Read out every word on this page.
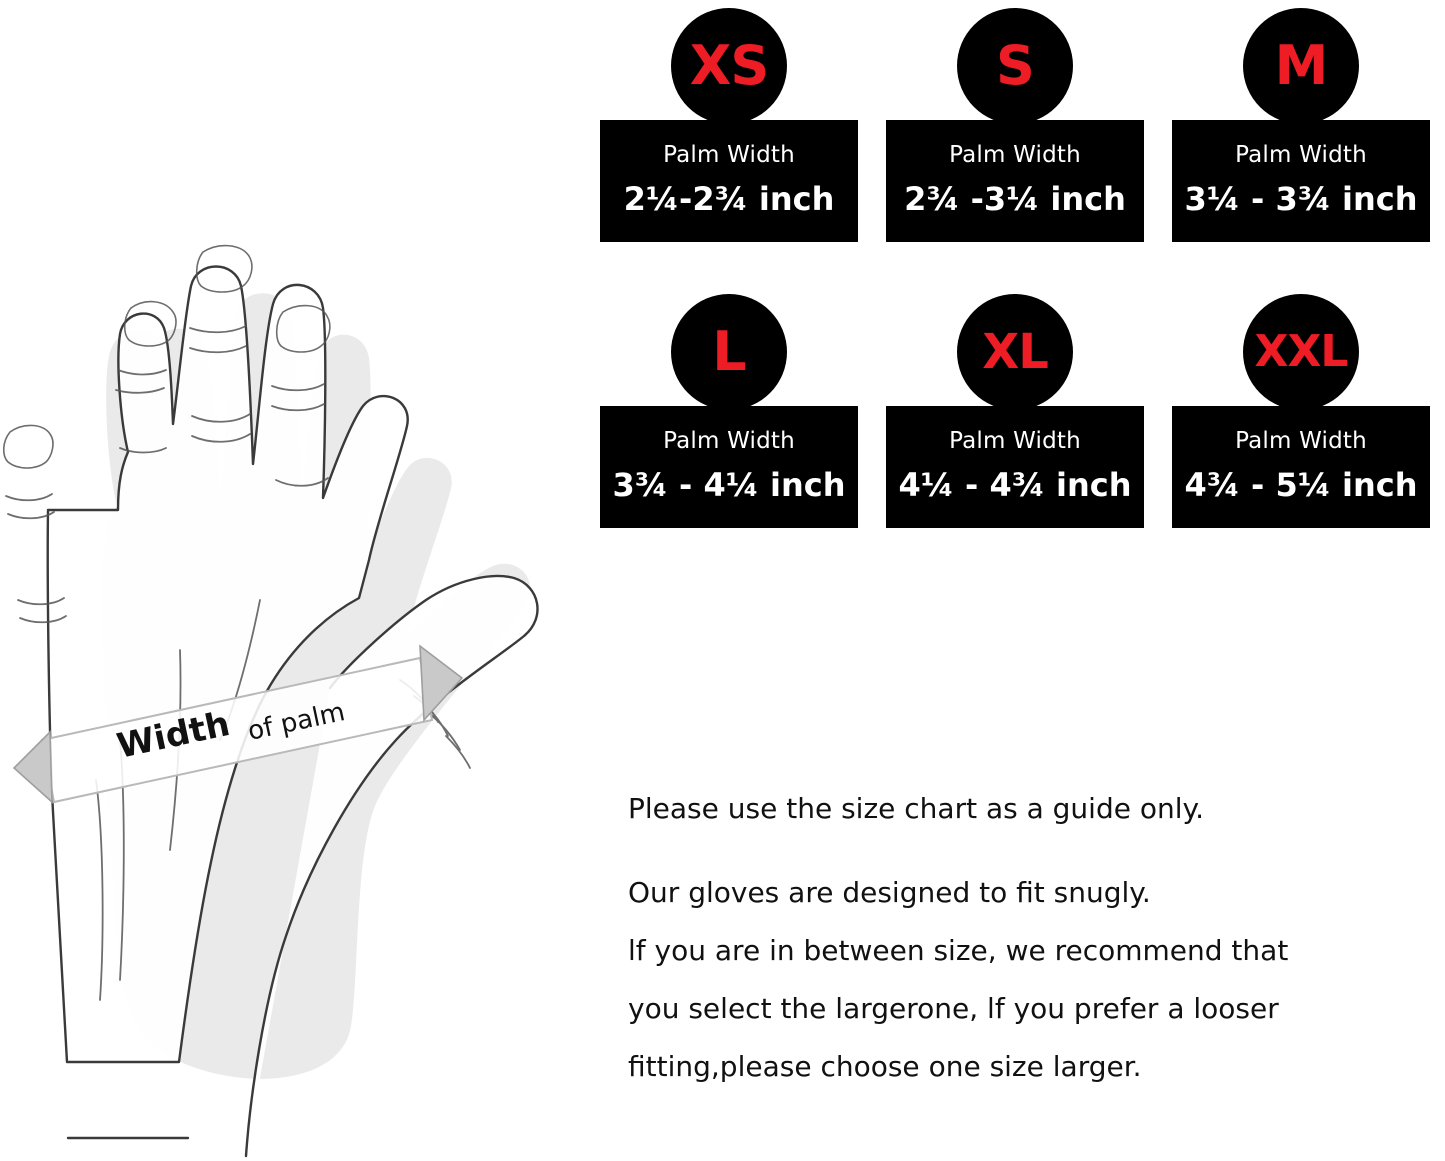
Width of palm
XS
Palm Width
2¼-2¾ inch
S
Palm Width
2¾ -3¼ inch
M
Palm Width
3¼ - 3¾ inch
L
Palm Width
3¾ - 4¼ inch
XL
Palm Width
4¼ - 4¾ inch
XXL
Palm Width
4¾ - 5¼ inch
Please use the size chart as a guide only.
Our gloves are designed to fit snugly.
lf you are in between size, we recommend that
you select the largerone, lf you prefer a looser
fitting,please choose one size larger.
